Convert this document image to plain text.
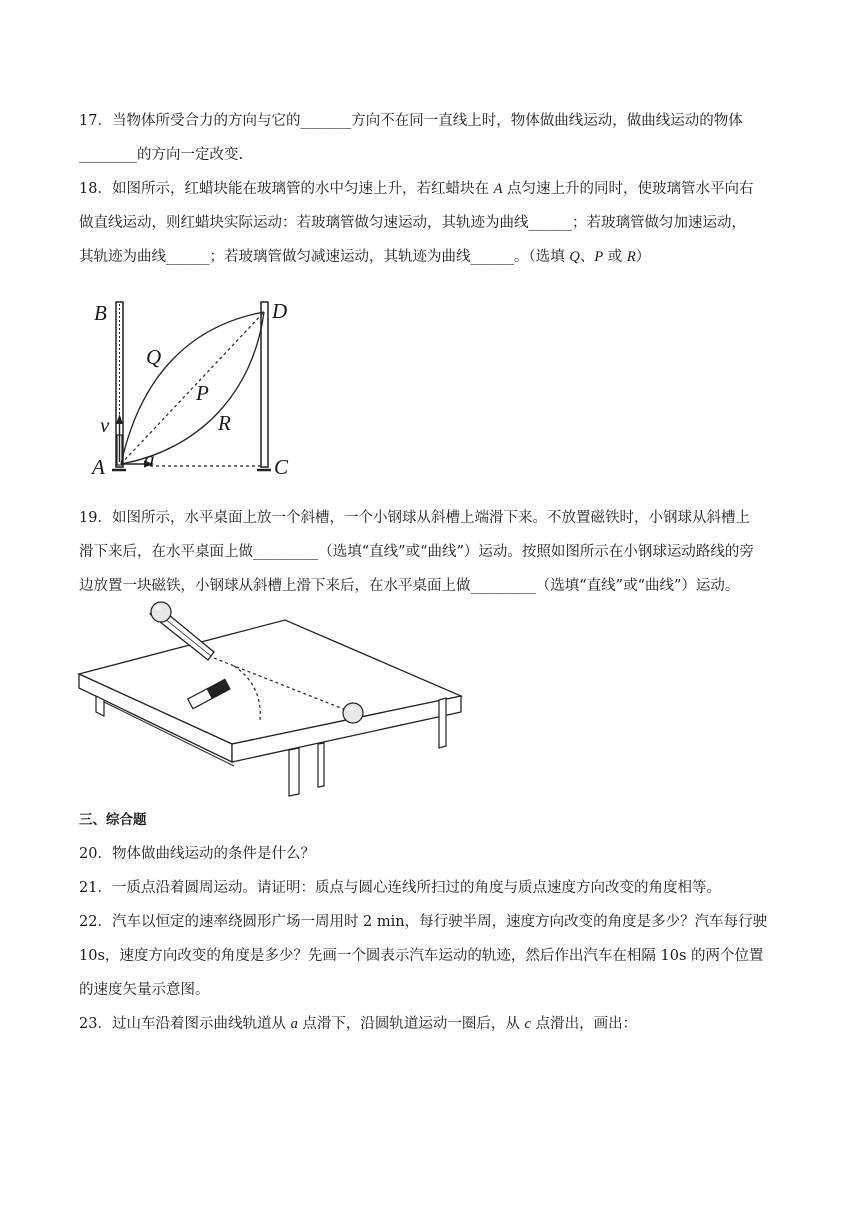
17．当物体所受合力的方向与它的_______方向不在同一直线上时，物体做曲线运动，做曲线运动的物体
________的方向一定改变.
18．如图所示，红蜡块能在玻璃管的水中匀速上升，若红蜡块在 A 点匀速上升的同时，使玻璃管水平向右
做直线运动，则红蜡块实际运动：若玻璃管做匀速运动，其轨迹为曲线______；若玻璃管做匀加速运动，
其轨迹为曲线______；若玻璃管做匀减速运动，其轨迹为曲线______。（选填 Q、P 或 R）
B	D
Q
P
R
v
A a	C
19．如图所示，水平桌面上放一个斜槽，一个小钢球从斜槽上端滑下来。不放置磁铁时，小钢球从斜槽上
滑下来后，在水平桌面上做_________（选填“直线”或“曲线”）运动。按照如图所示在小钢球运动路线的旁
边放置一块磁铁，小钢球从斜槽上滑下来后，在水平桌面上做_________（选填“直线”或“曲线”）运动。
三、综合题
20．物体做曲线运动的条件是什么？
21．一质点沿着圆周运动。请证明：质点与圆心连线所扫过的角度与质点速度方向改变的角度相等。
22．汽车以恒定的速率绕圆形广场一周用时 2 min，每行驶半周，速度方向改变的角度是多少？汽车每行驶
10s，速度方向改变的角度是多少？先画一个圆表示汽车运动的轨迹，然后作出汽车在相隔 10s 的两个位置
的速度矢量示意图。
23．过山车沿着图示曲线轨道从 a 点滑下，沿圆轨道运动一圈后，从 c 点滑出，画出：
